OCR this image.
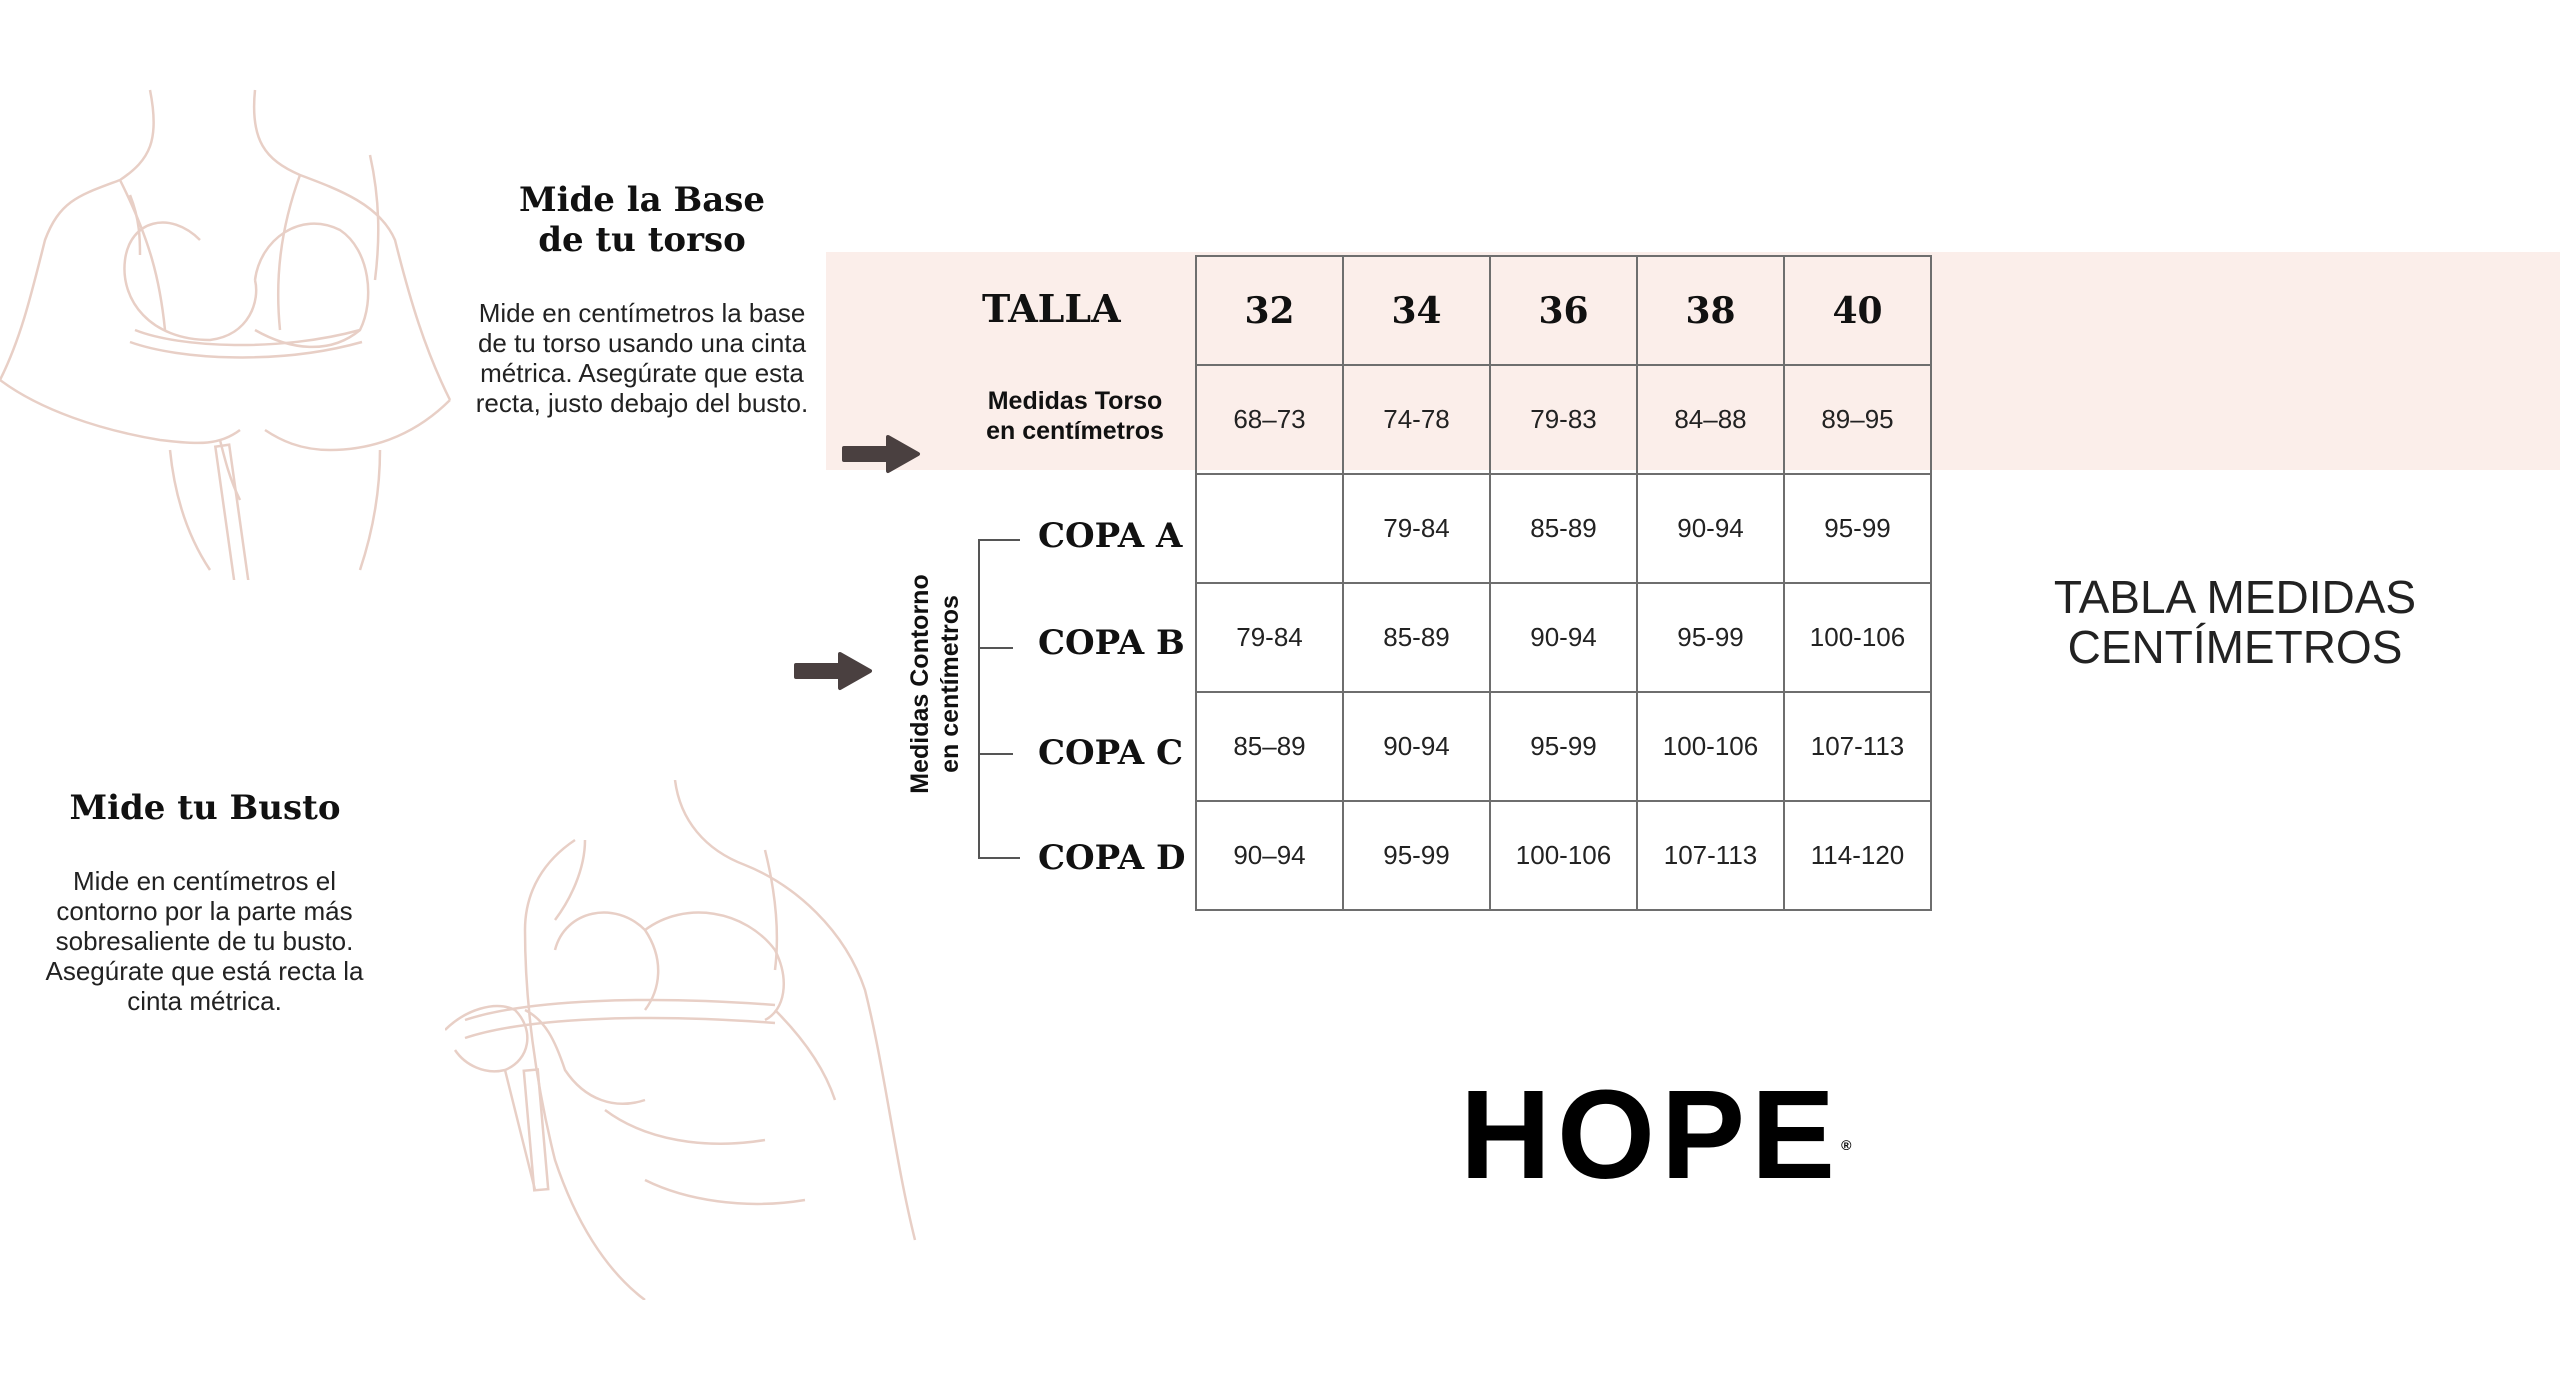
Mide la Base
de tu torso
Mide en centímetros la base de tu torso usando una cinta métrica. Asegúrate que esta recta, justo debajo del busto.
Mide tu Busto
Mide en centímetros el contorno por la parte más sobresaliente de tu busto. Asegúrate que está recta la cinta métrica.
TALLA
Medidas Torso
en centímetros
Medidas Contorno en centímetros
COPA A
COPA B
COPA C
COPA D
32	34	36	38	40
68–73	74-78	79-83	84–88	89–95
	79-84	85-89	90-94	95-99
79-84	85-89	90-94	95-99	100-106
85–89	90-94	95-99	100-106	107-113
90–94	95-99	100-106	107-113	114-120
TABLA MEDIDAS
CENTÍMETROS
HOPE®
